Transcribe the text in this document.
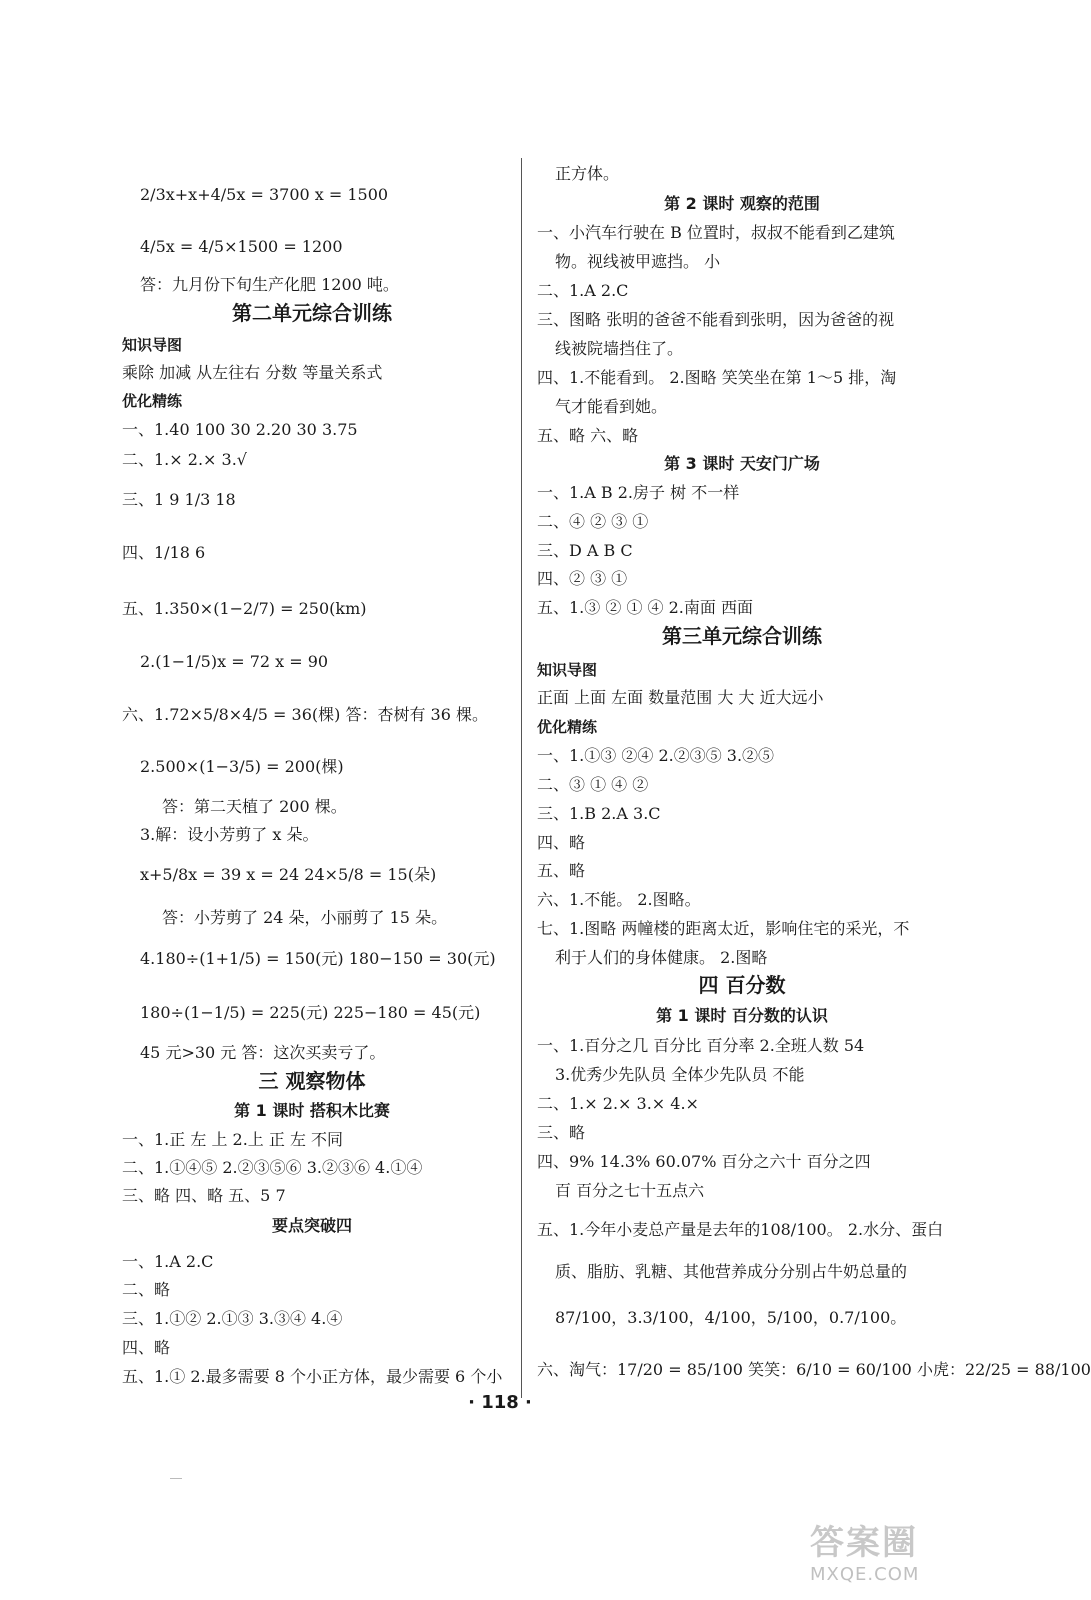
2/3x+x+4/5x = 3700 x = 1500
4/5x = 4/5×1500 = 1200
答：九月份下旬生产化肥 1200 吨。
第二单元综合训练
知识导图
乘除 加减 从左往右 分数 等量关系式
优化精练
一、1.40 100 30 2.20 30 3.75
二、1.× 2.× 3.√
三、1 9 1/3 18
四、1/18 6
五、1.350×(1−2/7) = 250(km)
2.(1−1/5)x = 72 x = 90
六、1.72×5/8×4/5 = 36(棵) 答：杏树有 36 棵。
2.500×(1−3/5) = 200(棵)
答：第二天植了 200 棵。
3.解：设小芳剪了 x 朵。
x+5/8x = 39 x = 24 24×5/8 = 15(朵)
答：小芳剪了 24 朵，小丽剪了 15 朵。
4.180÷(1+1/5) = 150(元) 180−150 = 30(元)
180÷(1−1/5) = 225(元) 225−180 = 45(元)
45 元>30 元 答：这次买卖亏了。
三 观察物体
第 1 课时 搭积木比赛
一、1.正 左 上 2.上 正 左 不同
二、1.①④⑤ 2.②③⑤⑥ 3.②③⑥ 4.①④
三、略 四、略 五、5 7
要点突破四
一、1.A 2.C
二、略
三、1.①② 2.①③ 3.③④ 4.④
四、略
五、1.① 2.最多需要 8 个小正方体，最少需要 6 个小
正方体。
第 2 课时 观察的范围
一、小汽车行驶在 B 位置时，叔叔不能看到乙建筑
物。视线被甲遮挡。 小
二、1.A 2.C
三、图略 张明的爸爸不能看到张明，因为爸爸的视
线被院墙挡住了。
四、1.不能看到。 2.图略 笑笑坐在第 1～5 排，淘
气才能看到她。
五、略 六、略
第 3 课时 天安门广场
一、1.A B 2.房子 树 不一样
二、④ ② ③ ①
三、D A B C
四、② ③ ①
五、1.③ ② ① ④ 2.南面 西面
第三单元综合训练
知识导图
正面 上面 左面 数量范围 大 大 近大远小
优化精练
一、1.①③ ②④ 2.②③⑤ 3.②⑤
二、③ ① ④ ②
三、1.B 2.A 3.C
四、略
五、略
六、1.不能。 2.图略。
七、1.图略 两幢楼的距离太近，影响住宅的采光，不
利于人们的身体健康。 2.图略
四 百分数
第 1 课时 百分数的认识
一、1.百分之几 百分比 百分率 2.全班人数 54
3.优秀少先队员 全体少先队员 不能
二、1.× 2.× 3.× 4.×
三、略
四、9% 14.3% 60.07% 百分之六十 百分之四
百 百分之七十五点六
五、1.今年小麦总产量是去年的108/100。 2.水分、蛋白
质、脂肪、乳糖、其他营养成分分别占牛奶总量的
87/100，3.3/100，4/100，5/100，0.7/100。
六、淘气：17/20 = 85/100 笑笑：6/10 = 60/100 小虎：22/25 = 88/100
· 118 ·
答案圈
MXQE.COM
